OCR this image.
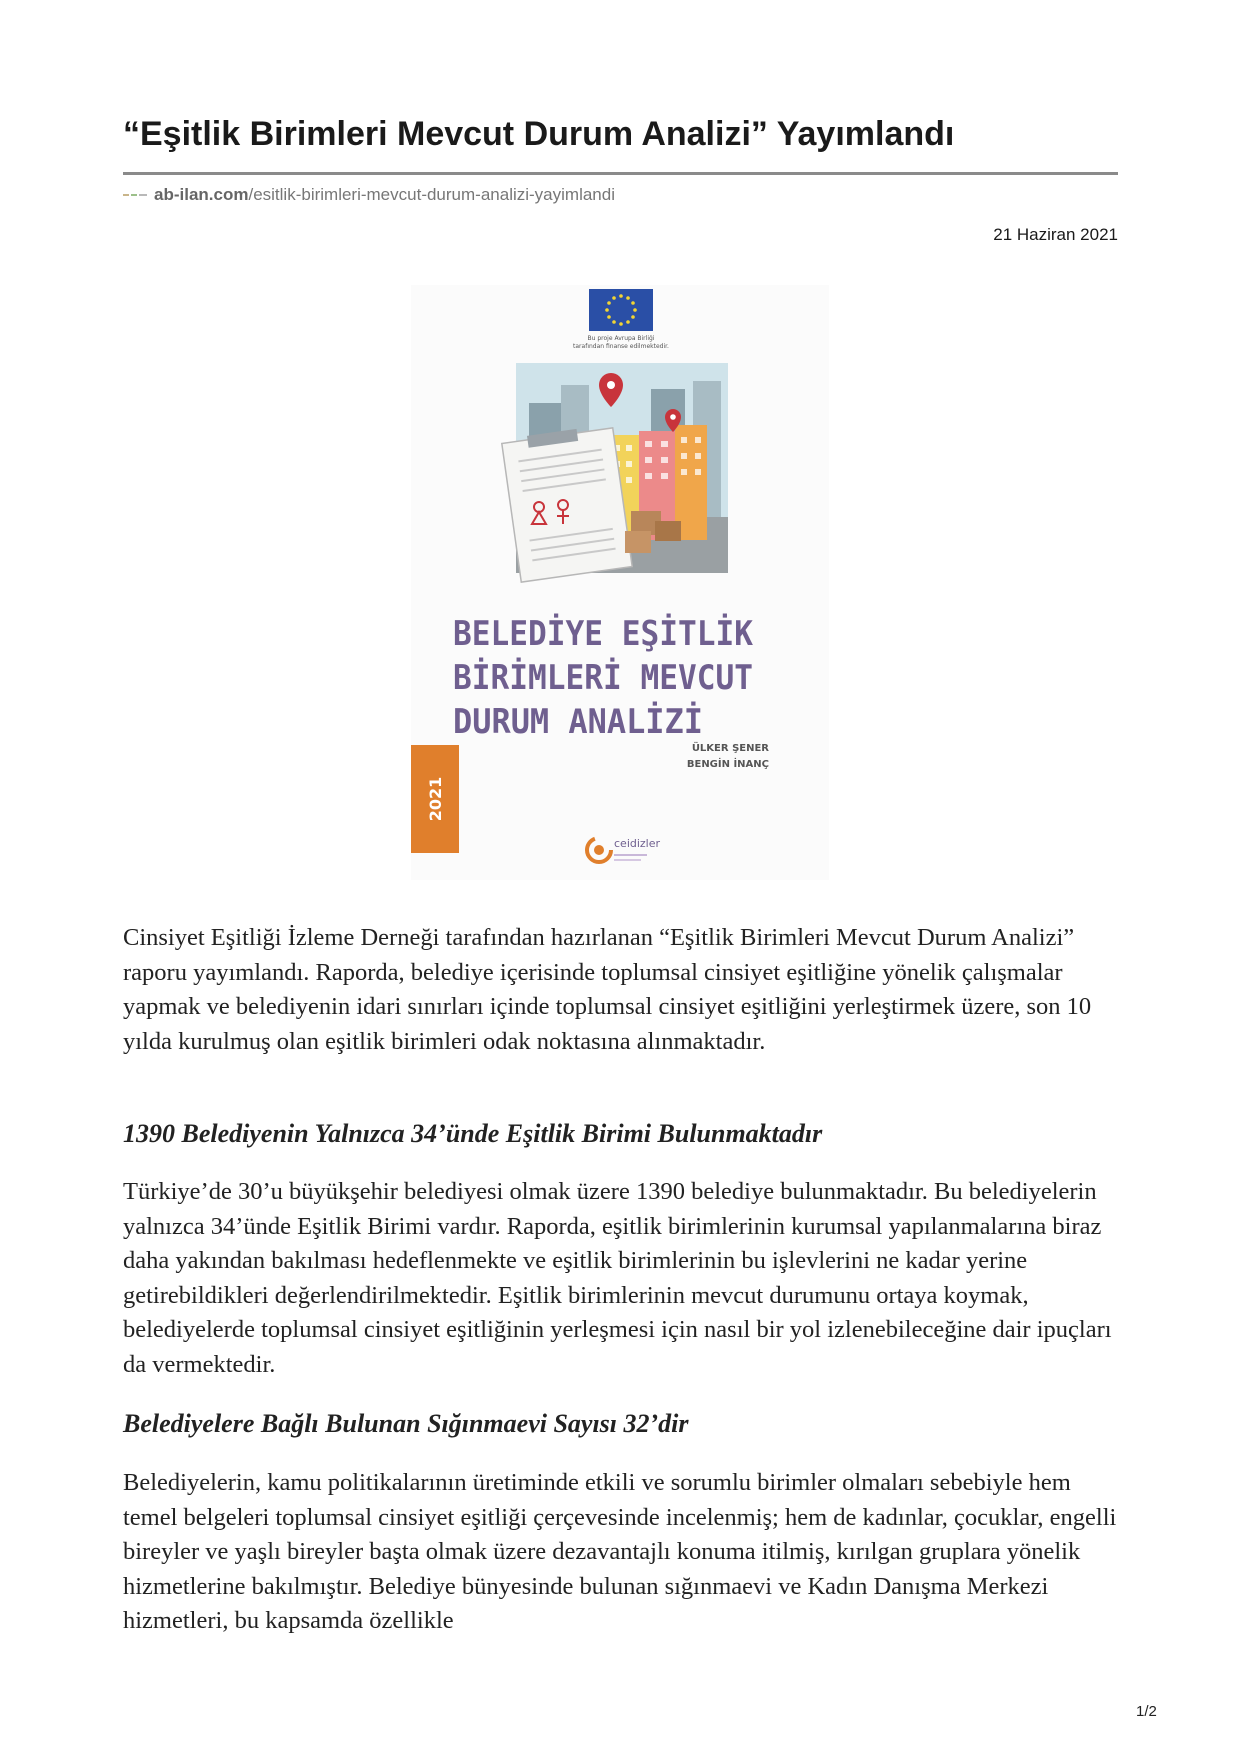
“Eşitlik Birimleri Mevcut Durum Analizi” Yayımlandı
ab-ilan.com /esitlik-birimleri-mevcut-durum-analizi-yayimlandi
21 Haziran 2021
Bu proje Avrupa Birliği
tarafından finanse edilmektedir.
BELEDİYE EŞİTLİK
BİRİMLERİ MEVCUT
DURUM ANALİZİ
ÜLKER ŞENER
BENGİN İNANÇ
2021
ceidizler

Cinsiyet Eşitliği İzleme Derneği tarafından hazırlanan “Eşitlik Birimleri Mevcut Durum Analizi” raporu yayımlandı. Raporda, belediye içerisinde toplumsal cinsiyet eşitliğine yönelik çalışmalar yapmak ve belediyenin idari sınırları içinde toplumsal cinsiyet eşitliğini yerleştirmek üzere, son 10 yılda kurulmuş olan eşitlik birimleri odak noktasına alınmaktadır.

1390 Belediyenin Yalnızca 34’ünde Eşitlik Birimi Bulunmaktadır

Türkiye’de 30’u büyükşehir belediyesi olmak üzere 1390 belediye bulunmaktadır. Bu belediyelerin yalnızca 34’ünde Eşitlik Birimi vardır. Raporda, eşitlik birimlerinin kurumsal yapılanmalarına biraz daha yakından bakılması hedeflenmekte ve eşitlik birimlerinin bu işlevlerini ne kadar yerine getirebildikleri değerlendirilmektedir. Eşitlik birimlerinin mevcut durumunu ortaya koymak, belediyelerde toplumsal cinsiyet eşitliğinin yerleşmesi için nasıl bir yol izlenebileceğine dair ipuçları da vermektedir.

Belediyelere Bağlı Bulunan Sığınmaevi Sayısı 32’dir

Belediyelerin, kamu politikalarının üretiminde etkili ve sorumlu birimler olmaları sebebiyle hem temel belgeleri toplumsal cinsiyet eşitliği çerçevesinde incelenmiş; hem de kadınlar, çocuklar, engelli bireyler ve yaşlı bireyler başta olmak üzere dezavantajlı konuma itilmiş, kırılgan gruplara yönelik hizmetlerine bakılmıştır. Belediye bünyesinde bulunan sığınmaevi ve Kadın Danışma Merkezi hizmetleri, bu kapsamda özellikle

1/2
